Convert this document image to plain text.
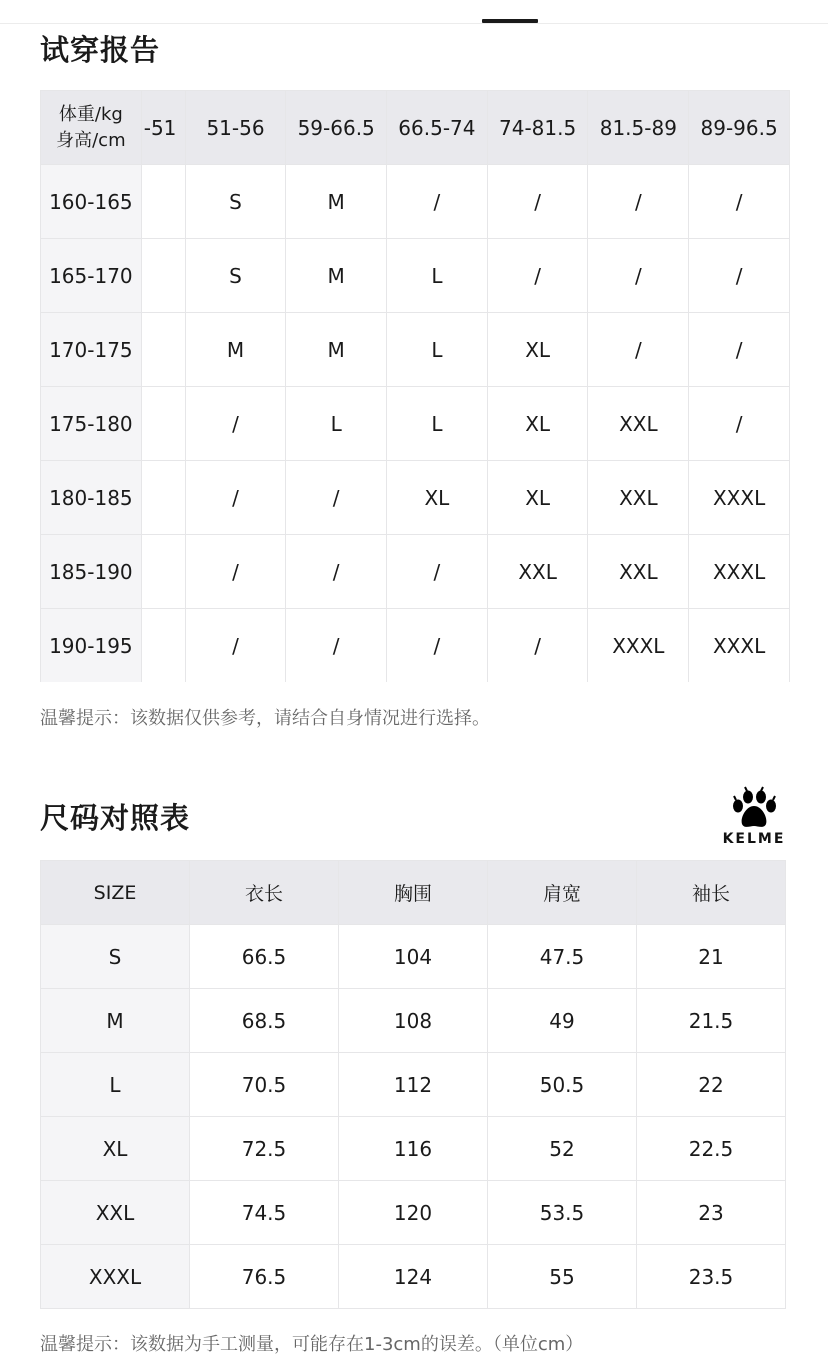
试穿报告
体重/kg
身高/cm	-51	51-56	59-66.5	66.5-74	74-81.5	81.5-89	89-96.5
160-165		S	M	/	/	/	/
165-170		S	M	L	/	/	/
170-175		M	M	L	XL	/	/
175-180		/	L	L	XL	XXL	/
180-185		/	/	XL	XL	XXL	XXXL
185-190		/	/	/	XXL	XXL	XXXL
190-195		/	/	/	/	XXXL	XXXL
温馨提示：该数据仅供参考，请结合自身情况进行选择。
尺码对照表
KELME
SIZE	衣长	胸围	肩宽	袖长
S	66.5	104	47.5	21
M	68.5	108	49	21.5
L	70.5	112	50.5	22
XL	72.5	116	52	22.5
XXL	74.5	120	53.5	23
XXXL	76.5	124	55	23.5
温馨提示：该数据为手工测量，可能存在1-3cm的误差。（单位cm）
